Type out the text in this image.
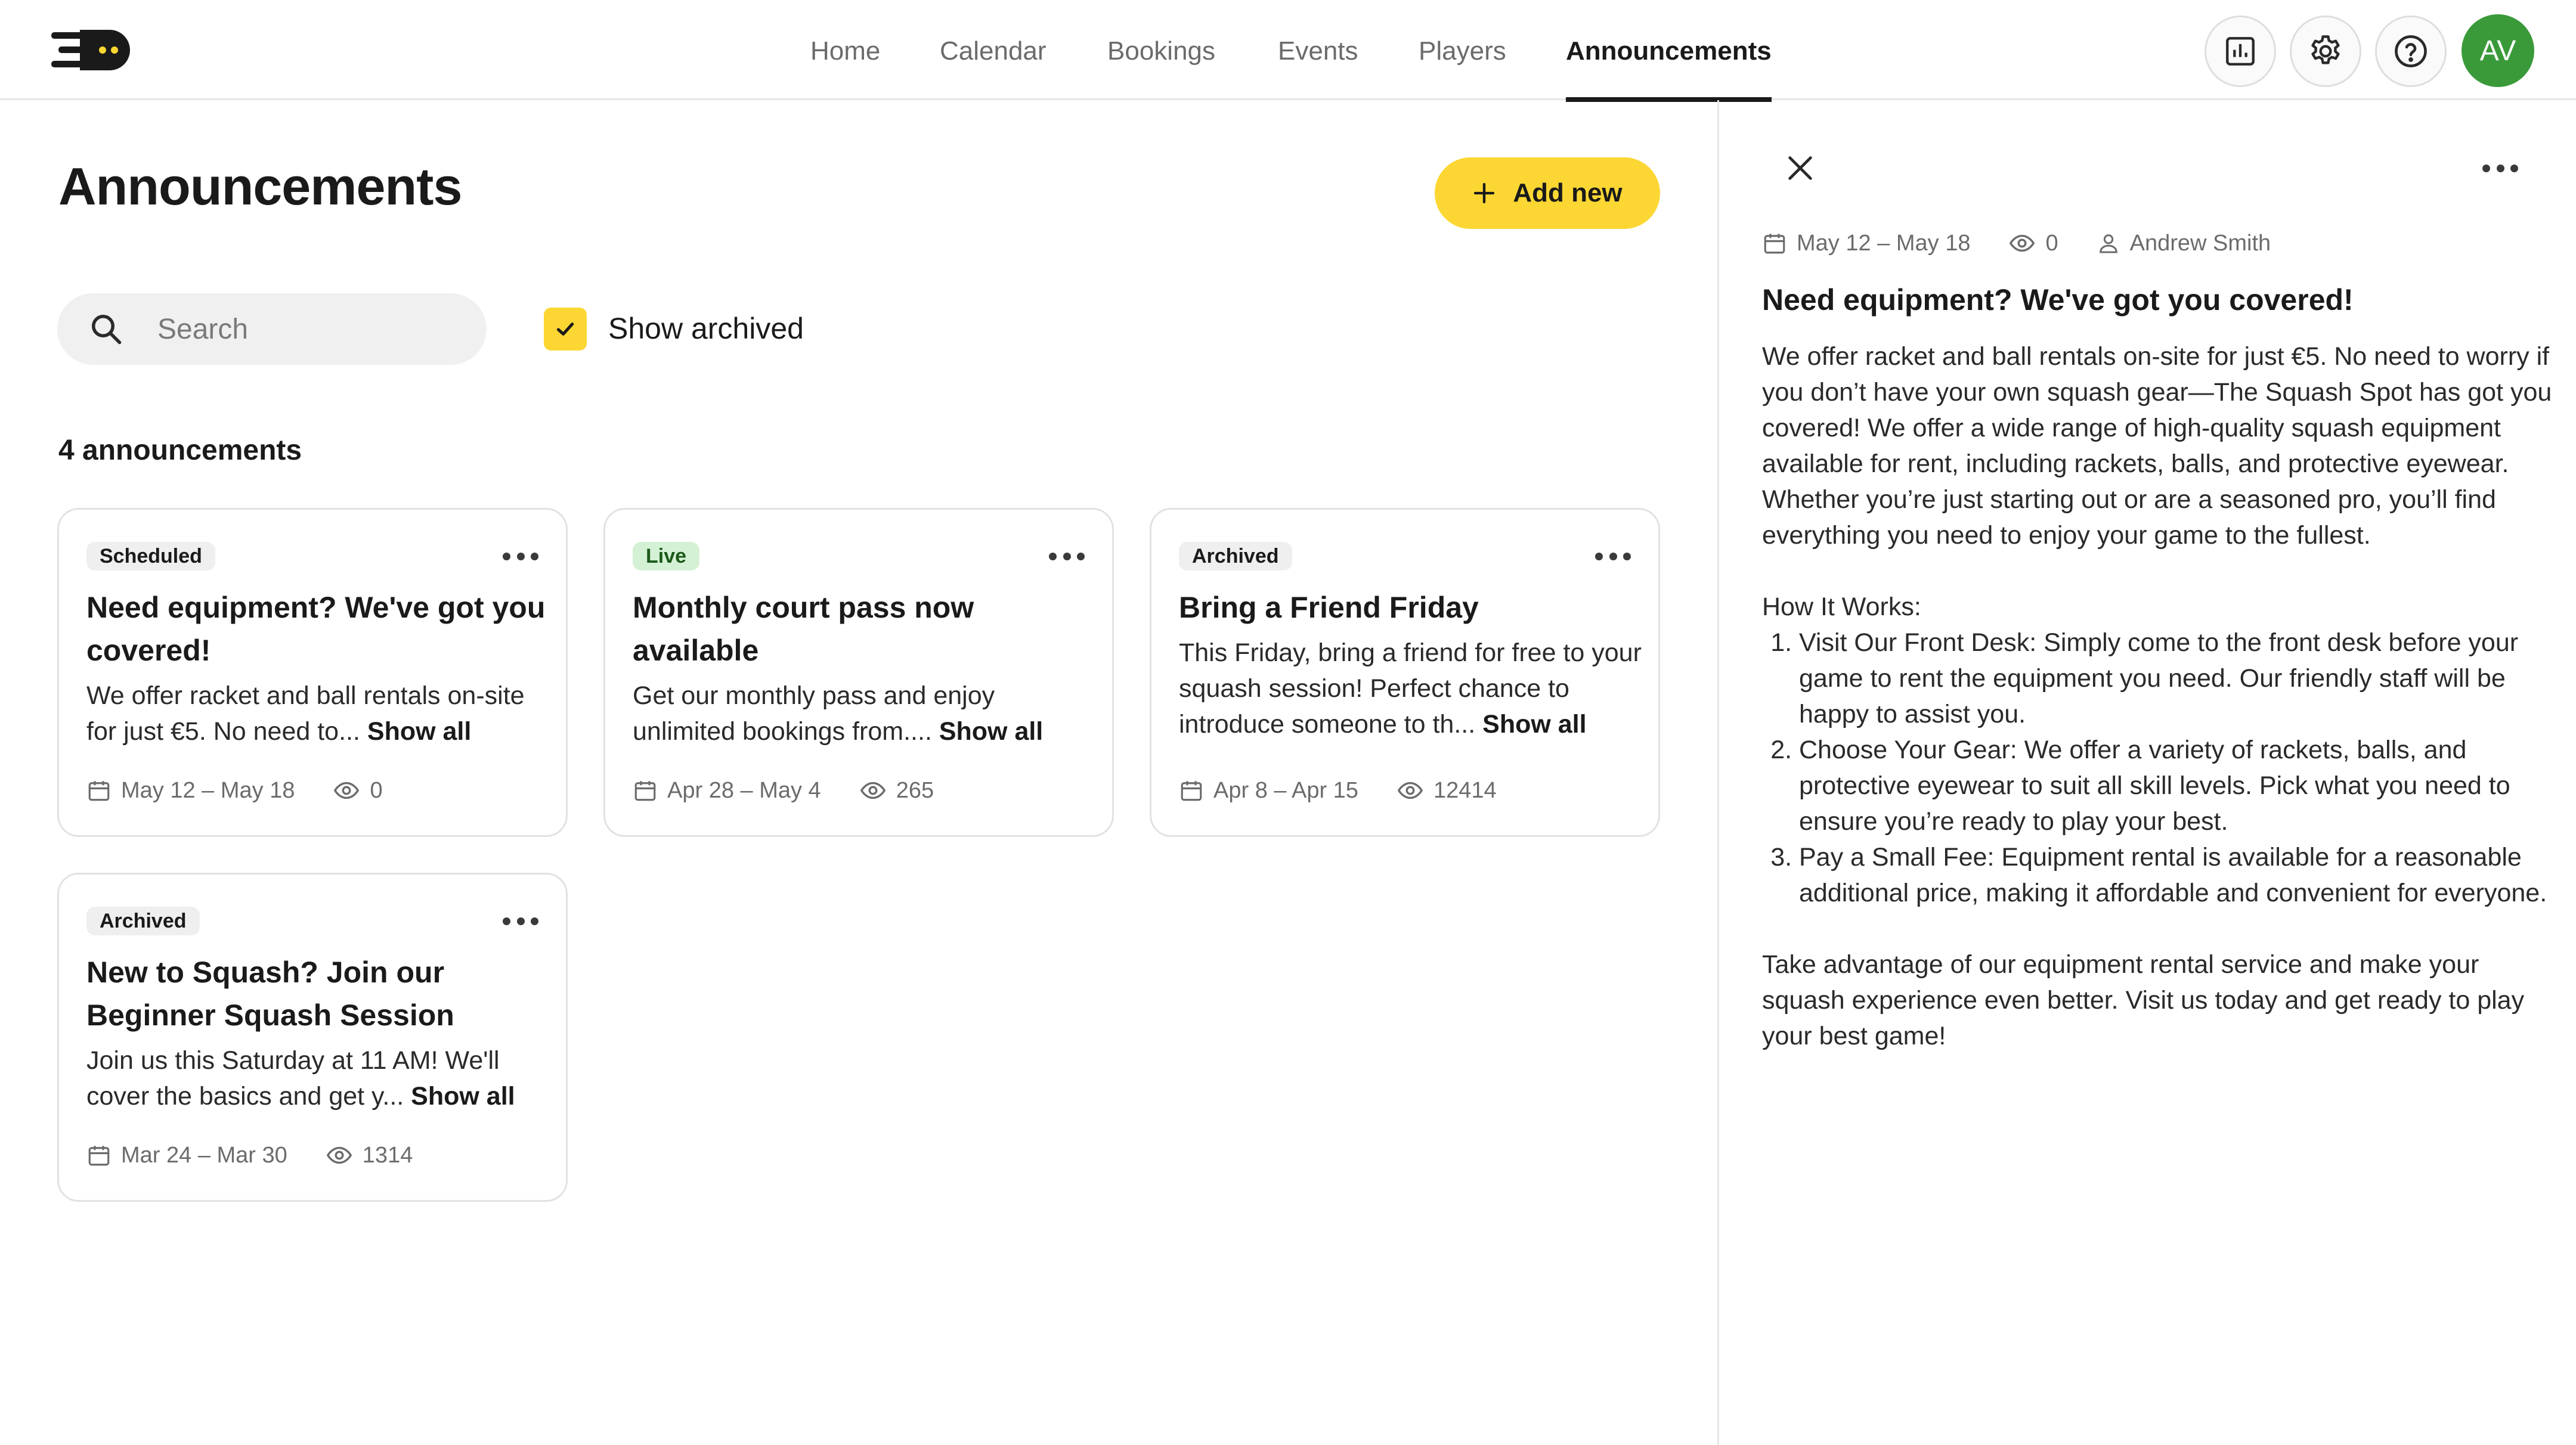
Home Calendar Bookings Events Players Announcements	AV
Announcements	Add new
Search
Show archived
4 announcements
Scheduled
Need equipment? We've got you covered!
We offer racket and ball rentals on-site for just €5. No need to... Show all
May 12 – May 18	0
Live
Monthly court pass now available
Get our monthly pass and enjoy unlimited bookings from.... Show all
Apr 28 – May 4	265
Archived
Bring a Friend Friday
This Friday, bring a friend for free to your squash session! Perfect chance to introduce someone to th... Show all
Apr 8 – Apr 15	12414
Archived
New to Squash? Join our Beginner Squash Session
Join us this Saturday at 11 AM! We'll cover the basics and get y... Show all
Mar 24 – Mar 30	1314
May 12 – May 18	0	Andrew Smith
Need equipment? We've got you covered!

We offer racket and ball rentals on-site for just €5. No need to worry if you don’t have your own squash gear—The Squash Spot has got you covered! We offer a wide range of high-quality squash equipment available for rent, including rackets, balls, and protective eyewear. Whether you’re just starting out or are a seasoned pro, you’ll find everything you need to enjoy your game to the fullest.

How It Works:

1. Visit Our Front Desk: Simply come to the front desk before your game to rent the equipment you need. Our friendly staff will be happy to assist you.
2. Choose Your Gear: We offer a variety of rackets, balls, and protective eyewear to suit all skill levels. Pick what you need to ensure you’re ready to play your best.
3. Pay a Small Fee: Equipment rental is available for a reasonable additional price, making it affordable and convenient for everyone.

Take advantage of our equipment rental service and make your squash experience even better. Visit us today and get ready to play your best game!
